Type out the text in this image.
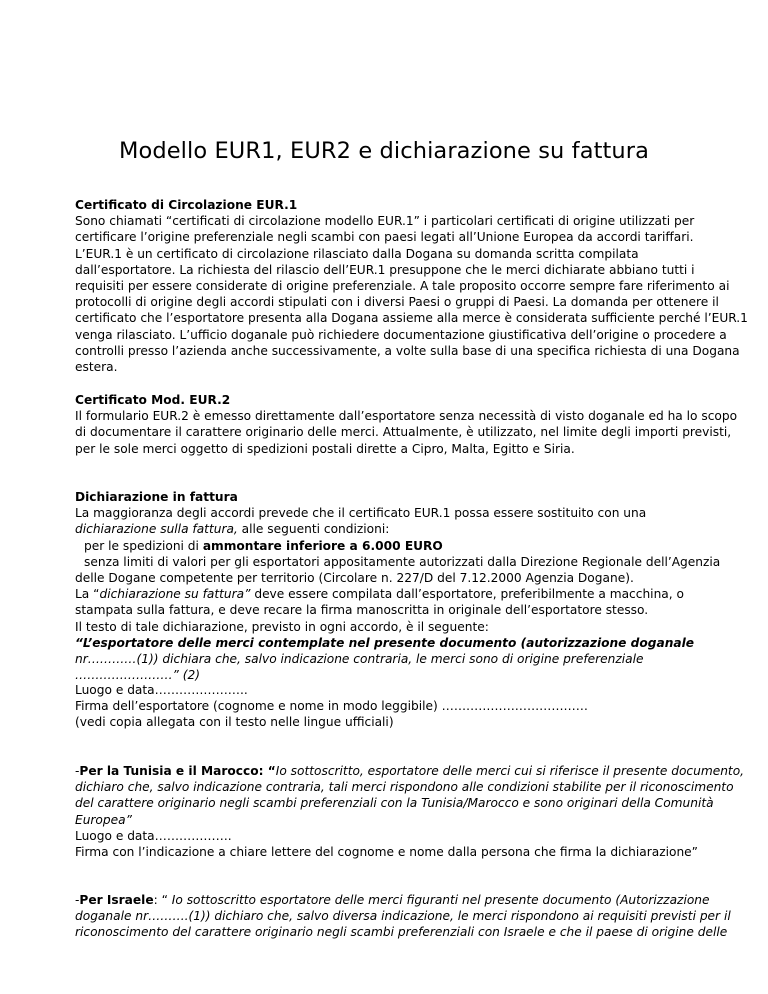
Modello EUR1, EUR2 e dichiarazione su fattura

Certificato di Circolazione EUR.1

Sono chiamati “certificati di circolazione modello EUR.1” i particolari certificati di origine utilizzati per

certificare l’origine preferenziale negli scambi con paesi legati all’Unione Europea da accordi tariffari.

L’EUR.1 è un certificato di circolazione rilasciato dalla Dogana su domanda scritta compilata

dall’esportatore. La richiesta del rilascio dell’EUR.1 presuppone che le merci dichiarate abbiano tutti i

requisiti per essere considerate di origine preferenziale. A tale proposito occorre sempre fare riferimento ai

protocolli di origine degli accordi stipulati con i diversi Paesi o gruppi di Paesi. La domanda per ottenere il

certificato che l’esportatore presenta alla Dogana assieme alla merce è considerata sufficiente perché l’EUR.1

venga rilasciato. L’ufficio doganale può richiedere documentazione giustificativa dell’origine o procedere a

controlli presso l’azienda anche successivamente, a volte sulla base di una specifica richiesta di una Dogana

estera.

Certificato Mod. EUR.2

Il formulario EUR.2 è emesso direttamente dall’esportatore senza necessità di visto doganale ed ha lo scopo

di documentare il carattere originario delle merci. Attualmente, è utilizzato, nel limite degli importi previsti,

per le sole merci oggetto di spedizioni postali dirette a Cipro, Malta, Egitto e Siria.

Dichiarazione in fattura

La maggioranza degli accordi prevede che il certificato EUR.1 possa essere sostituito con una

dichiarazione sulla fattura, alle seguenti condizioni:

per le spedizioni di ammontare inferiore a 6.000 EURO

senza limiti di valori per gli esportatori appositamente autorizzati dalla Direzione Regionale dell’Agenzia

delle Dogane competente per territorio (Circolare n. 227/D del 7.12.2000 Agenzia Dogane).

La “dichiarazione su fattura” deve essere compilata dall’esportatore, preferibilmente a macchina, o

stampata sulla fattura, e deve recare la firma manoscritta in originale dell’esportatore stesso.

Il testo di tale dichiarazione, previsto in ogni accordo, è il seguente:

“L’esportatore delle merci contemplate nel presente documento (autorizzazione doganale

nr…………(1)) dichiara che, salvo indicazione contraria, le merci sono di origine preferenziale

……………………” (2)

Luogo e data…………………..

Firma dell’esportatore (cognome e nome in modo leggibile) ………………………………

(vedi copia allegata con il testo nelle lingue ufficiali)

-Per la Tunisia e il Marocco: “Io sottoscritto, esportatore delle merci cui si riferisce il presente documento,

dichiaro che, salvo indicazione contraria, tali merci rispondono alle condizioni stabilite per il riconoscimento

del carattere originario negli scambi preferenziali con la Tunisia/Marocco e sono originari della Comunità

Europea”

Luogo e data……………….

Firma con l’indicazione a chiare lettere del cognome e nome dalla persona che firma la dichiarazione”

-Per Israele: “ Io sottoscritto esportatore delle merci figuranti nel presente documento (Autorizzazione

doganale nr……….(1)) dichiaro che, salvo diversa indicazione, le merci rispondono ai requisiti previsti per il

riconoscimento del carattere originario negli scambi preferenziali con Israele e che il paese di origine delle
